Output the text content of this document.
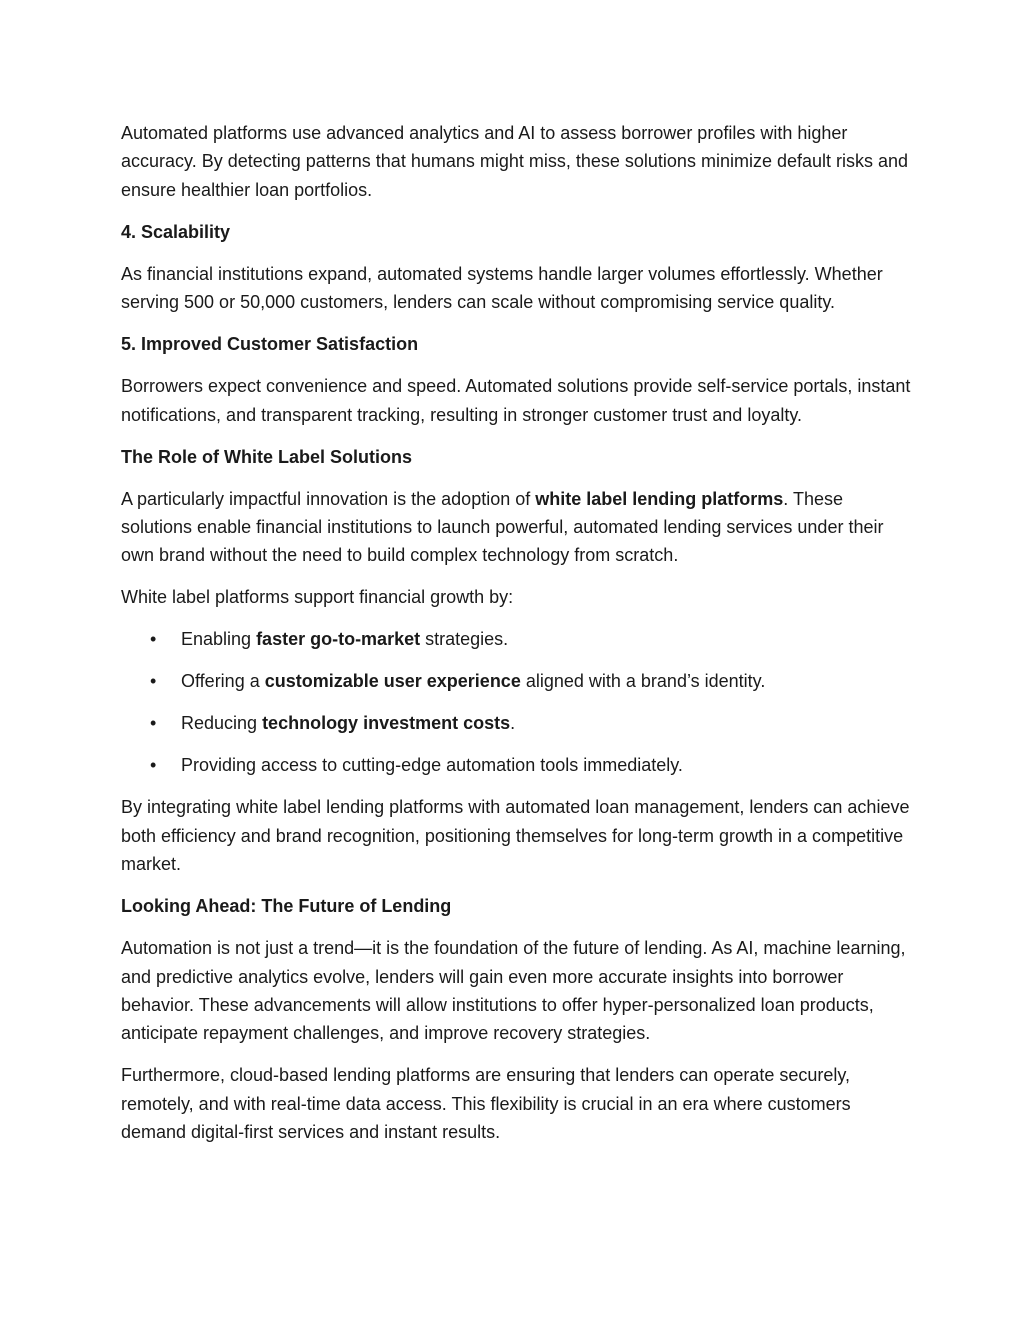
Automated platforms use advanced analytics and AI to assess borrower profiles with higher accuracy. By detecting patterns that humans might miss, these solutions minimize default risks and ensure healthier loan portfolios.

4. Scalability

As financial institutions expand, automated systems handle larger volumes effortlessly. Whether serving 500 or 50,000 customers, lenders can scale without compromising service quality.

5. Improved Customer Satisfaction

Borrowers expect convenience and speed. Automated solutions provide self-service portals, instant notifications, and transparent tracking, resulting in stronger customer trust and loyalty.

The Role of White Label Solutions

A particularly impactful innovation is the adoption of white label lending platforms. These solutions enable financial institutions to launch powerful, automated lending services under their own brand without the need to build complex technology from scratch.

White label platforms support financial growth by:

• Enabling faster go-to-market strategies.
• Offering a customizable user experience aligned with a brand’s identity.
• Reducing technology investment costs.
• Providing access to cutting-edge automation tools immediately.

By integrating white label lending platforms with automated loan management, lenders can achieve both efficiency and brand recognition, positioning themselves for long-term growth in a competitive market.

Looking Ahead: The Future of Lending

Automation is not just a trend—it is the foundation of the future of lending. As AI, machine learning, and predictive analytics evolve, lenders will gain even more accurate insights into borrower behavior. These advancements will allow institutions to offer hyper-personalized loan products, anticipate repayment challenges, and improve recovery strategies.

Furthermore, cloud-based lending platforms are ensuring that lenders can operate securely, remotely, and with real-time data access. This flexibility is crucial in an era where customers demand digital-first services and instant results.
